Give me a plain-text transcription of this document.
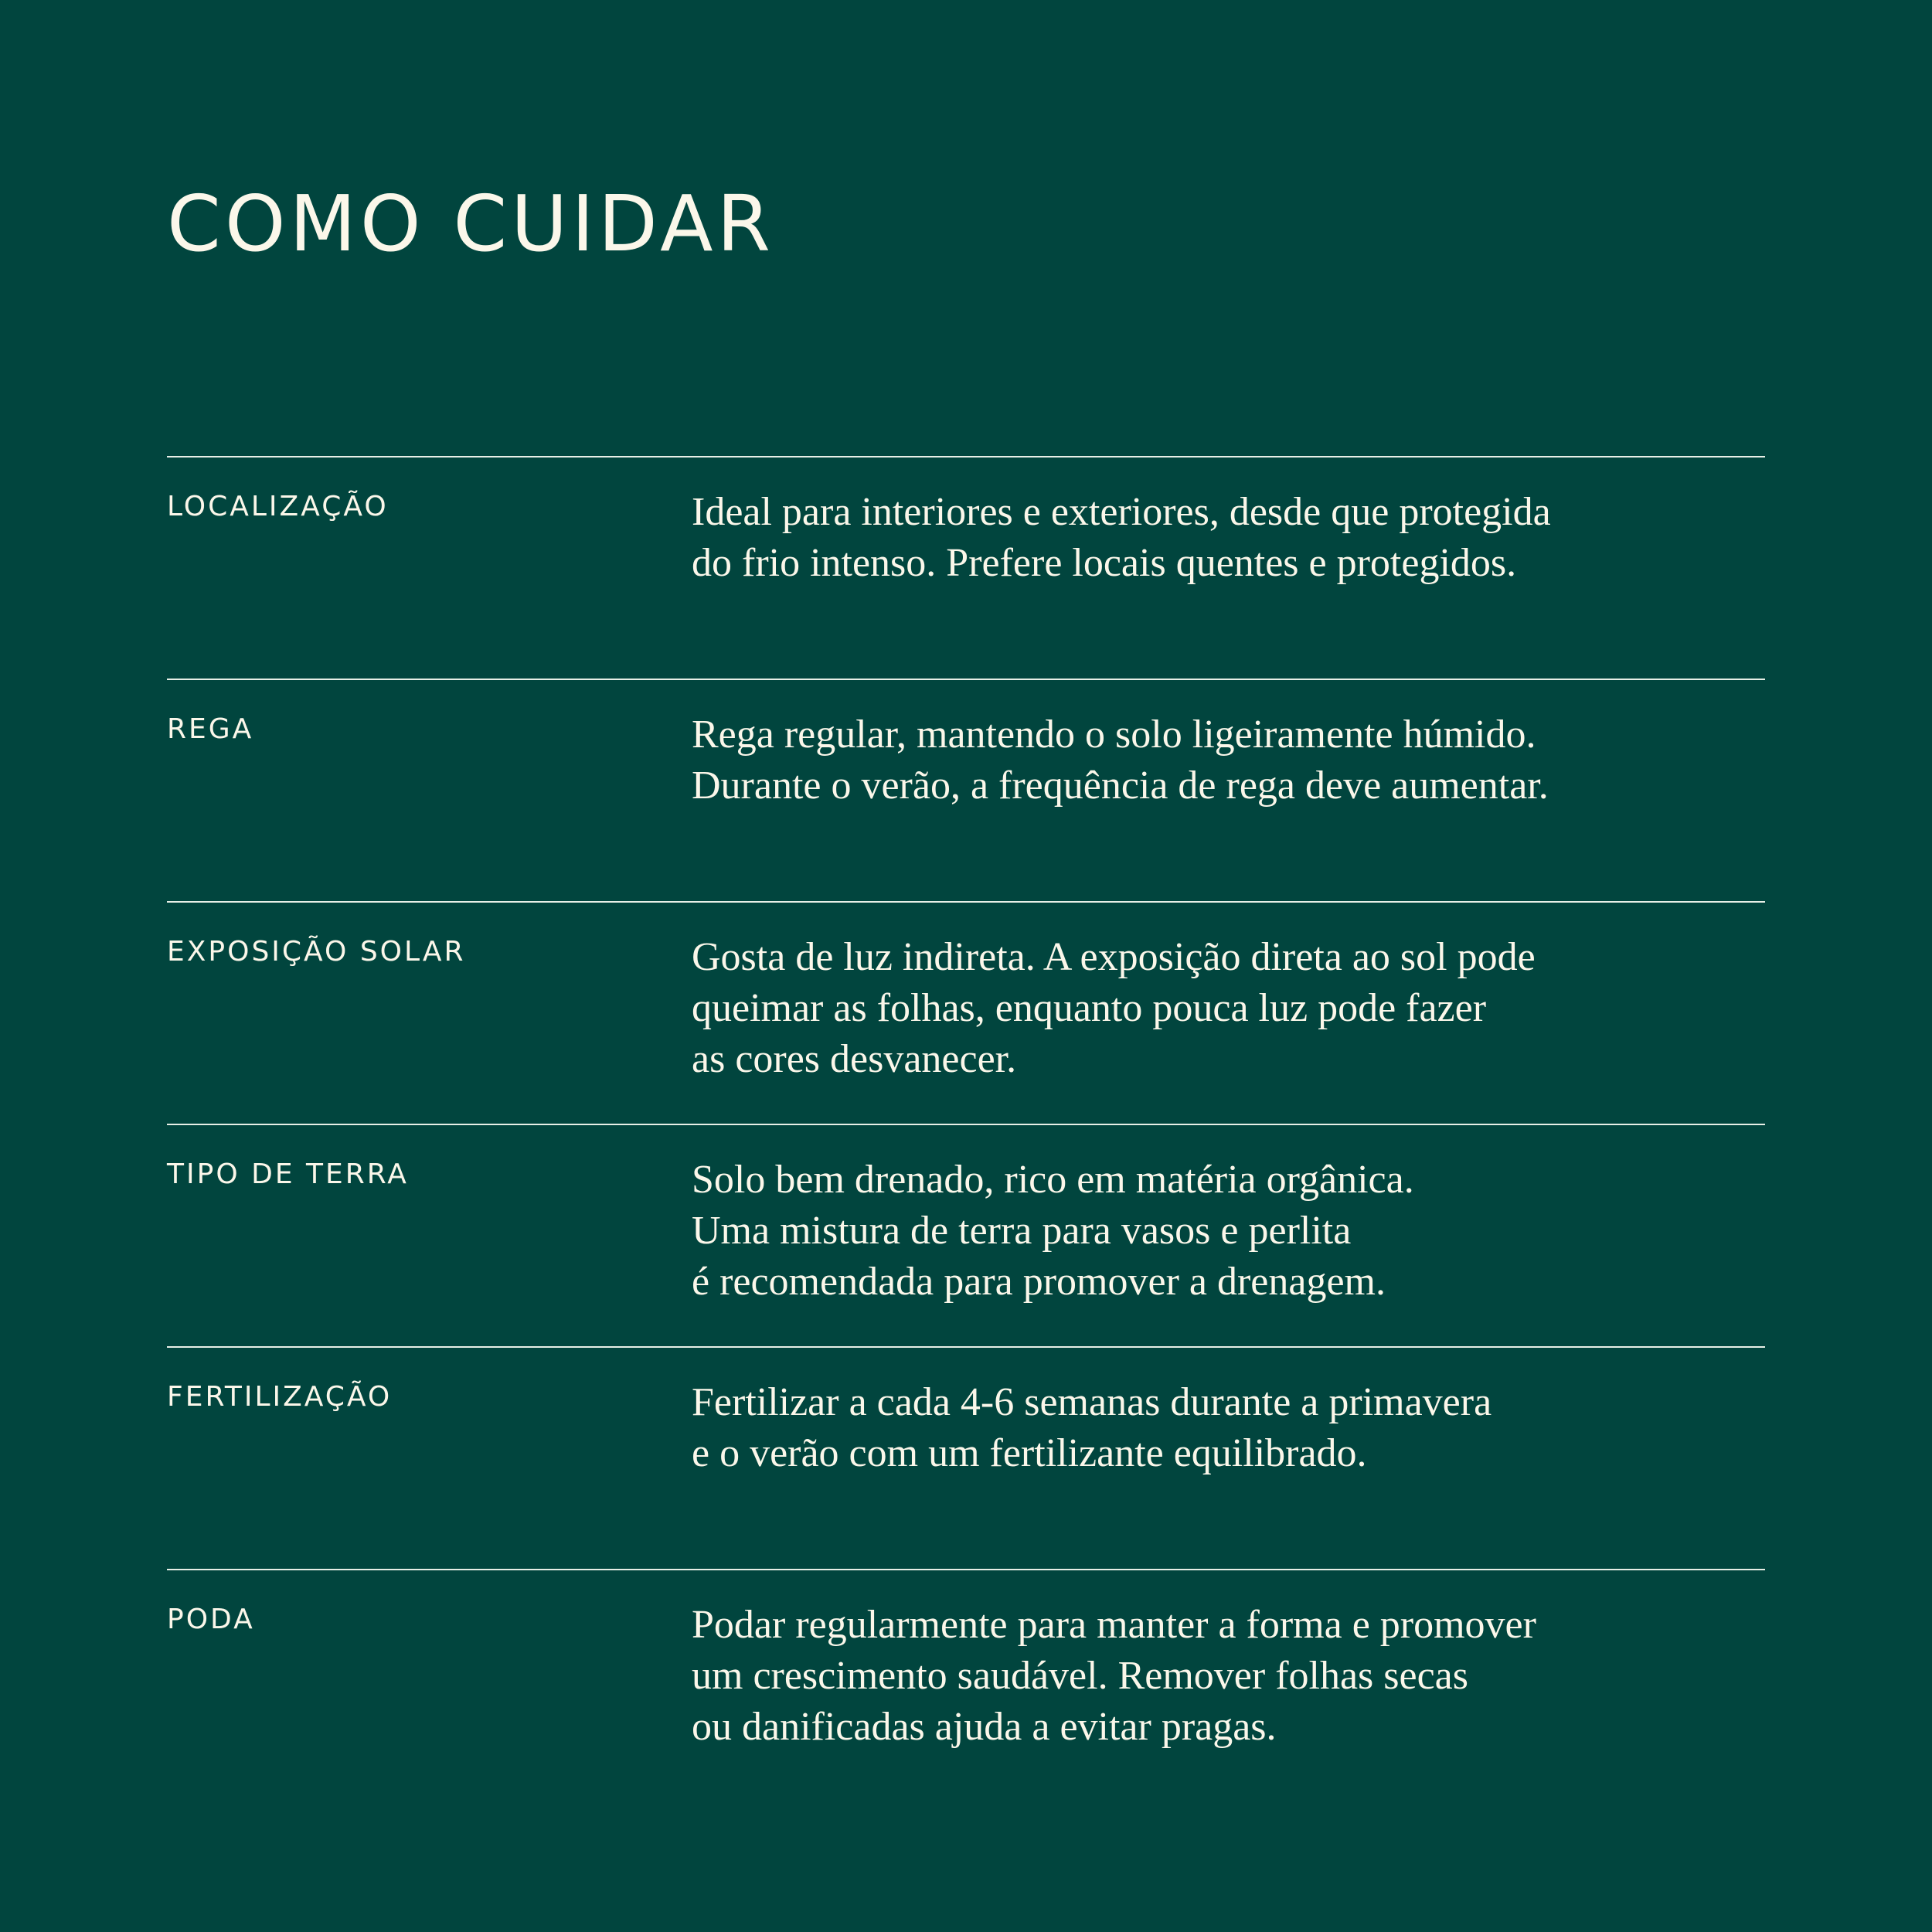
COMO CUIDAR
LOCALIZAÇÃO	Ideal para interiores e exteriores, desde que protegida
do frio intenso. Prefere locais quentes e protegidos.
REGA	Rega regular, mantendo o solo ligeiramente húmido.
Durante o verão, a frequência de rega deve aumentar.
EXPOSIÇÃO SOLAR	Gosta de luz indireta. A exposição direta ao sol pode
queimar as folhas, enquanto pouca luz pode fazer
as cores desvanecer.
TIPO DE TERRA	Solo bem drenado, rico em matéria orgânica.
Uma mistura de terra para vasos e perlita
é recomendada para promover a drenagem.
FERTILIZAÇÃO	Fertilizar a cada 4-6 semanas durante a primavera
e o verão com um fertilizante equilibrado.
PODA	Podar regularmente para manter a forma e promover
um crescimento saudável. Remover folhas secas
ou danificadas ajuda a evitar pragas.
